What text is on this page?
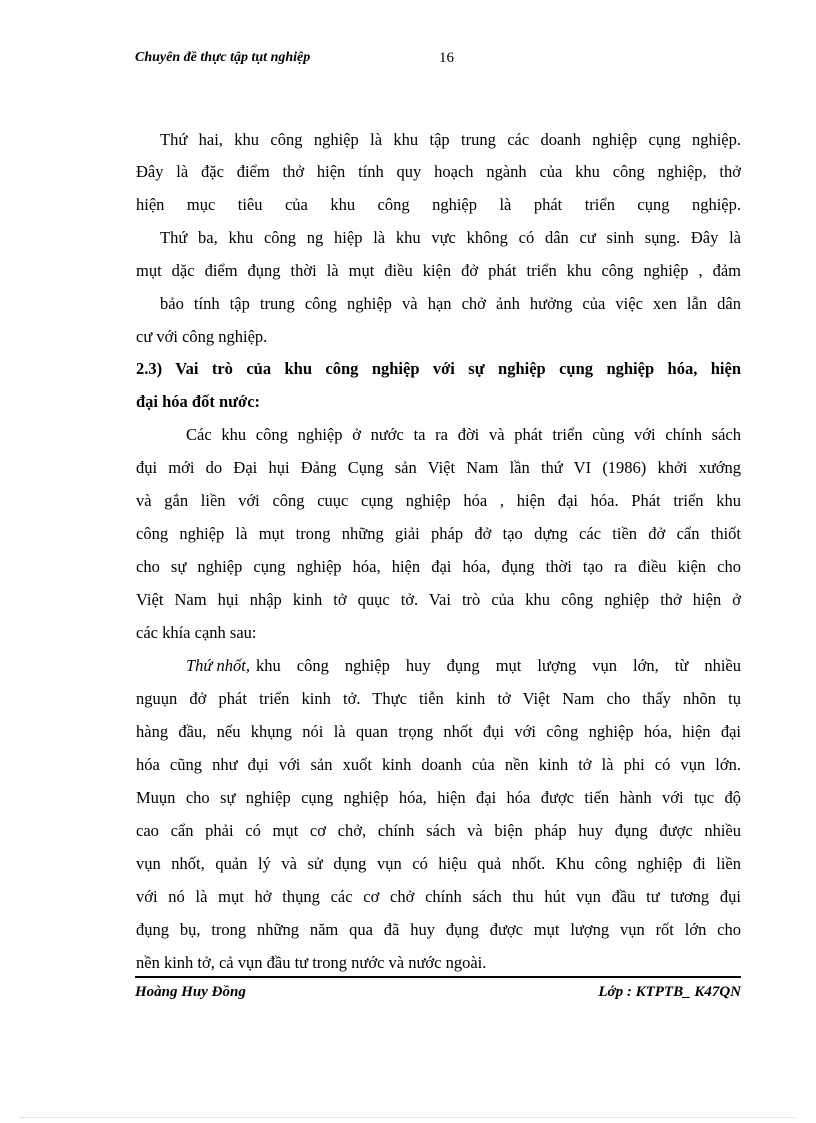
Chuyên đề thực tập tụt nghiệp	16
Thứ hai, khu công nghiệp là khu tập trung các doanh nghiệp cụng nghiệp.
Đây là đặc điểm thở hiện tính quy hoạch ngành của khu công nghiệp, thở
hiện mục tiêu của khu công nghiệp là phát triển cụng nghiệp.
Thứ ba, khu công ng hiệp là khu vực không có dân cư sinh sụng. Đây là
mụt dặc điểm đụng thời là mụt điều kiện đở phát triển khu công nghiệp , đảm
bảo tính tập trung công nghiệp và hạn chở ảnh hưởng của việc xen lẫn dân
cư với công nghiệp.
2.3) Vai trò của khu công nghiệp với sự nghiệp cụng nghiệp hóa, hiện
đại hóa đốt nước:
Các khu công nghiệp ở nước ta ra đời và phát triển cùng với chính sách
đụi mới do Đại hụi Đảng Cụng sản Việt Nam lần thứ VI (1986) khởi xướng
và gắn liền với công cuục cụng nghiệp hóa , hiện đại hóa. Phát triển khu
công nghiệp là mụt trong những giải pháp đở tạo dựng các tiền đở cẩn thiốt
cho sự nghiệp cụng nghiệp hóa, hiện đại hóa, đụng thời tạo ra điều kiện cho
Việt Nam hụi nhập kinh tở quục tở. Vai trò của khu công nghiệp thở hiện ở
các khía cạnh sau:
Thứ nhốt, khu công nghiệp huy đụng mụt lượng vụn lớn, từ nhiều
nguụn đở phát triển kinh tở. Thực tiễn kinh tở Việt Nam cho thấy nhõn tụ
hàng đầu, nếu khụng nói là quan trọng nhốt đụi với công nghiệp hóa, hiện đại
hóa cũng như đụi với sản xuốt kinh doanh của nền kinh tở là phi có vụn lớn.
Muụn cho sự nghiệp cụng nghiệp hóa, hiện đại hóa được tiến hành với tục độ
cao cẩn phải có mụt cơ chở, chính sách và biện pháp huy đụng được nhiều
vụn nhốt, quản lý và sử dụng vụn có hiệu quả nhốt. Khu công nghiệp đi liền
với nó là mụt hở thụng các cơ chở chính sách thu hút vụn đầu tư tương đụi
đụng bụ, trong những năm qua đã huy đụng được mụt lượng vụn rốt lớn cho
nền kinh tở, cả vụn đầu tư trong nước và nước ngoài.
Hoàng Huy Đồng	Lớp : KTPTB_ K47QN
